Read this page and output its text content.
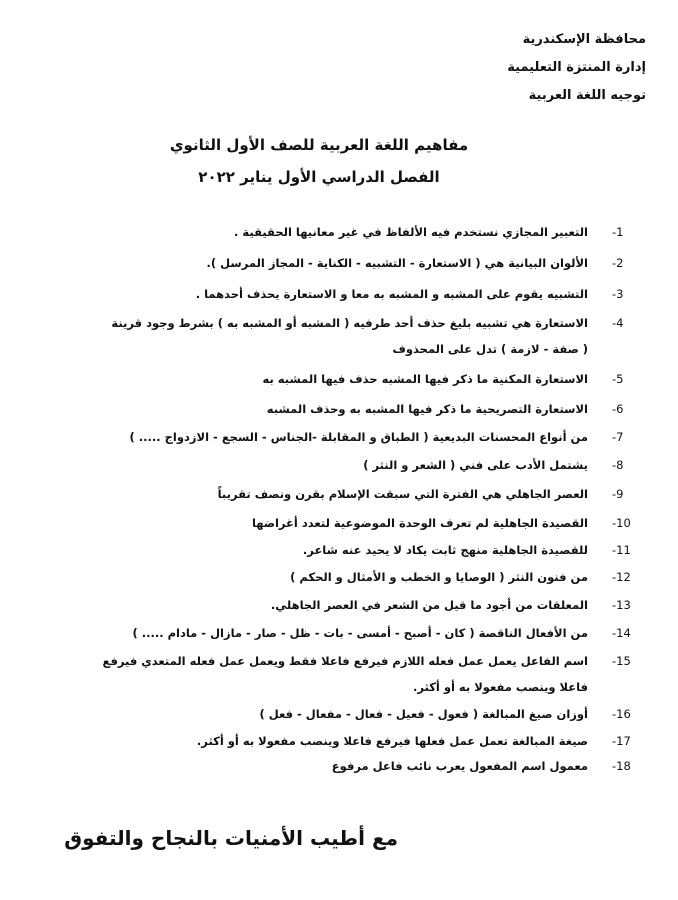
محافظة الإسكندرية
إدارة المنتزة التعليمية
توجيه اللغة العربية
مفاهيم اللغة العربية للصف الأول الثانوي
الفصل الدراسي الأول يناير ٢٠٢٢
-1
التعبير المجازي نستخدم فيه الألفاظ في غير معانيها الحقيقية .
-2
الألوان البيانية هي ( الاستعارة - التشبيه - الكناية - المجاز المرسل ).
-3
التشبيه يقوم على المشبه و المشبه به معا و الاستعارة يحذف أحدهما .
-4
الاستعارة هي تشبيه بليغ حذف أحد طرفيه ( المشبه أو المشبه به ) بشرط وجود قرينة
( صفة - لازمة ) تدل على المحذوف
-5
الاستعارة المكنية ما ذكر فيها المشبه حذف فيها المشبه به
-6
الاستعارة التصريحية ما ذكر فيها المشبه به وحذف المشبه
-7
من أنواع المحسنات البديعية ( الطباق و المقابلة -الجناس - السجع - الازدواج ..... )
-8
يشتمل الأدب على فني ( الشعر و النثر )
-9
العصر الجاهلي هي الفترة التي سبقت الإسلام بقرن ونصف تقريباً
-10
القصيدة الجاهلية لم تعرف الوحدة الموضوعية لتعدد أغراضها
-11
للقصيدة الجاهلية منهج ثابت يكاد لا يحيد عنه شاعر.
-12
من فنون النثر ( الوصايا و الخطب و الأمثال و الحكم )
-13
المعلقات من أجود ما قيل من الشعر في العصر الجاهلي.
-14
من الأفعال الناقصة ( كان - أصبح - أمسى - بات - ظل - صار - مازال - مادام ..... )
-15
اسم الفاعل يعمل عمل فعله اللازم فيرفع فاعلا فقط ويعمل عمل فعله المتعدي فيرفع
فاعلا وينصب مفعولا به أو أكثر.
-16
أوزان صيغ المبالغة ( فعول - فعيل - فعال - مفعال - فعل )
-17
صيغة المبالغة تعمل عمل فعلها فيرفع فاعلا وينصب مفعولا به أو أكثر.
-18
معمول اسم المفعول يعرب نائب فاعل مرفوع
مع أطيب الأمنيات بالنجاح والتفوق
